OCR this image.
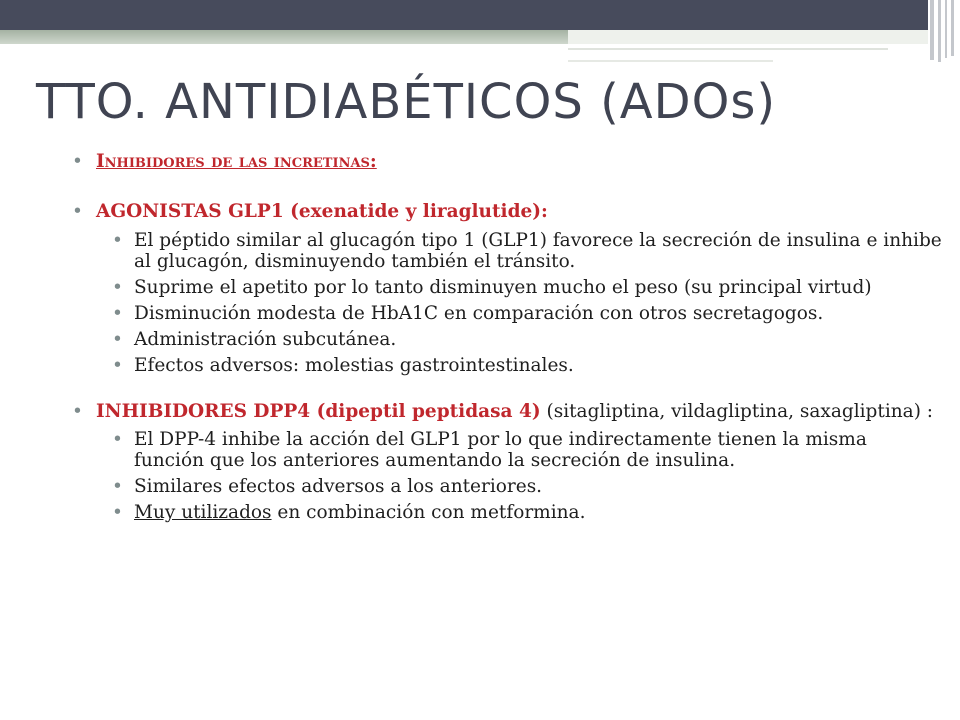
TTO. ANTIDIABÉTICOS (ADOs)
• Inhibidores de las incretinas:
• AGONISTAS GLP1 (exenatide y liraglutide):
• El péptido similar al glucagón tipo 1 (GLP1) favorece la secreción de insulina e inhibe al glucagón, disminuyendo también el tránsito.
• Suprime el apetito por lo tanto disminuyen mucho el peso (su principal virtud)
• Disminución modesta de HbA1C en comparación con otros secretagogos.
• Administración subcutánea.
• Efectos adversos: molestias gastrointestinales.
• INHIBIDORES DPP4 (dipeptil peptidasa 4) (sitagliptina, vildagliptina, saxagliptina) :
• El DPP-4 inhibe la acción del GLP1 por lo que indirectamente tienen la misma función que los anteriores aumentando la secreción de insulina.
• Similares efectos adversos a los anteriores.
• Muy utilizados en combinación con metformina.
